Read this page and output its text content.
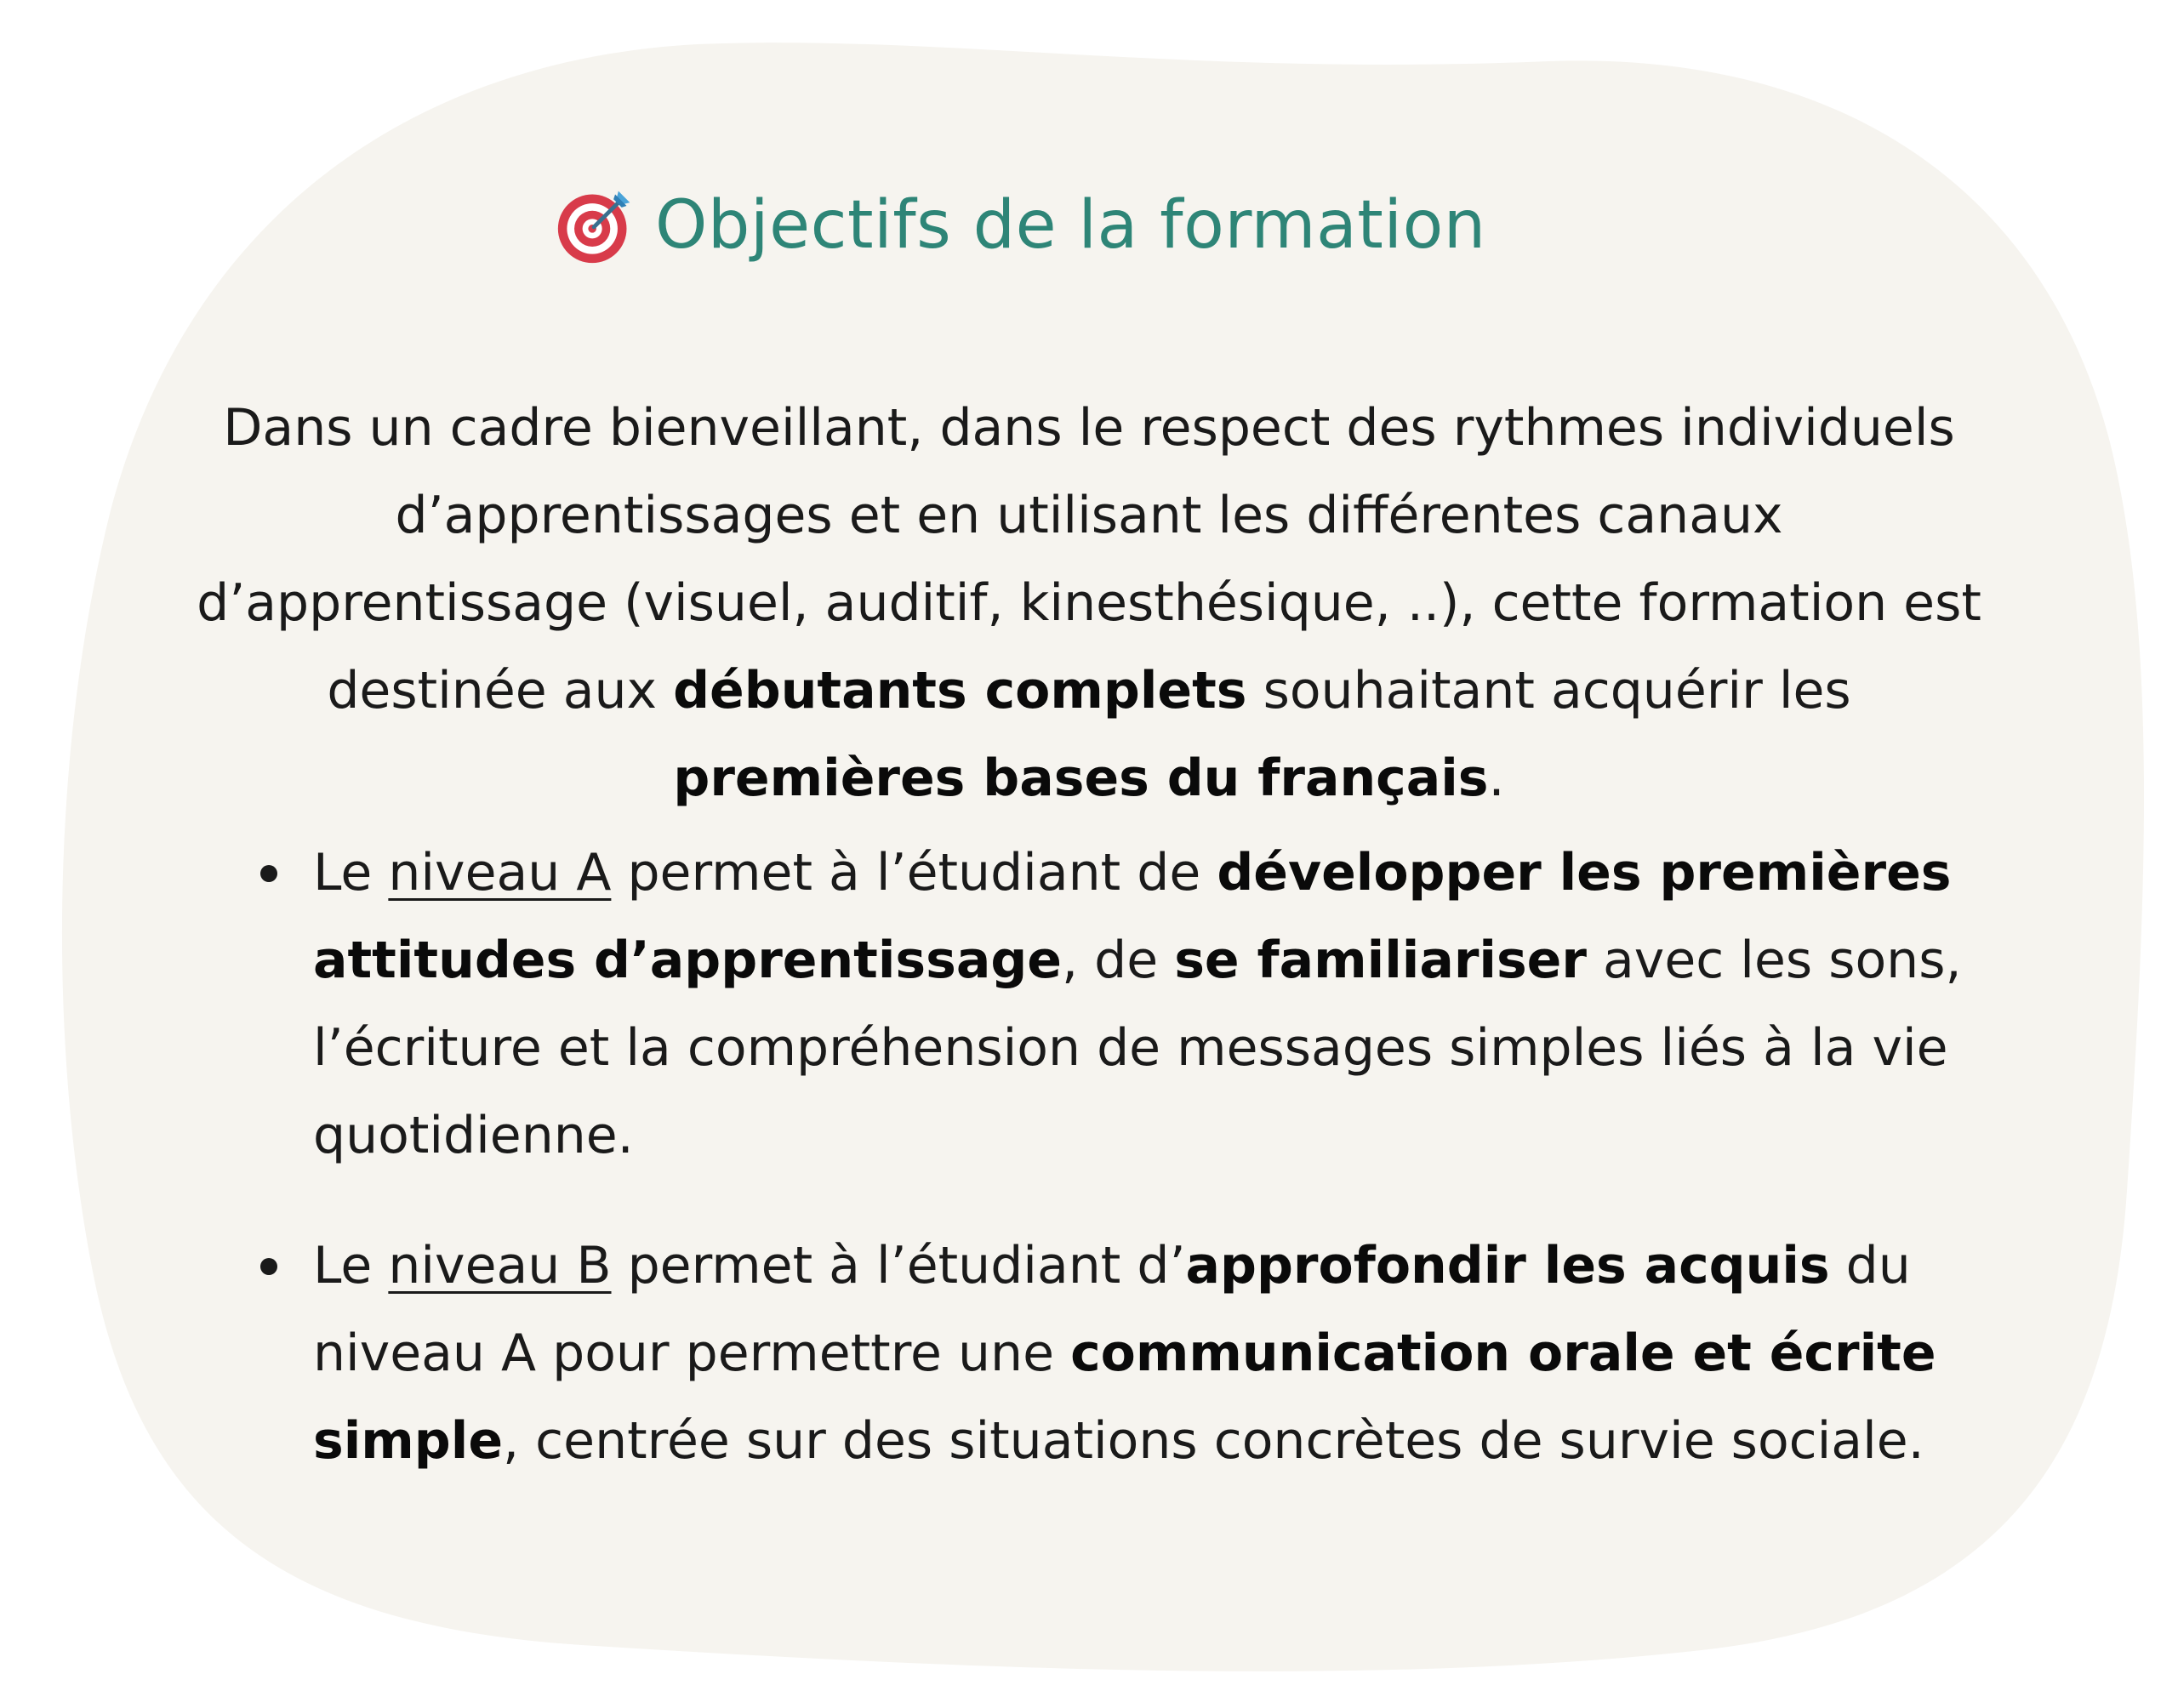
Objectifs de la formation

Dans un cadre bienveillant, dans le respect des rythmes individuels d’apprentissages et en utilisant les différentes canaux d’apprentissage (visuel, auditif, kinesthésique, ..), cette formation est destinée aux débutants complets souhaitant acquérir les premières bases du français.

Le niveau A permet à l’étudiant de développer les premières attitudes d’apprentissage, de se familiariser avec les sons, l’écriture et la compréhension de messages simples liés à la vie quotidienne.
Le niveau B permet à l’étudiant d’approfondir les acquis du niveau A pour permettre une communication orale et écrite simple, centrée sur des situations concrètes de survie sociale.
